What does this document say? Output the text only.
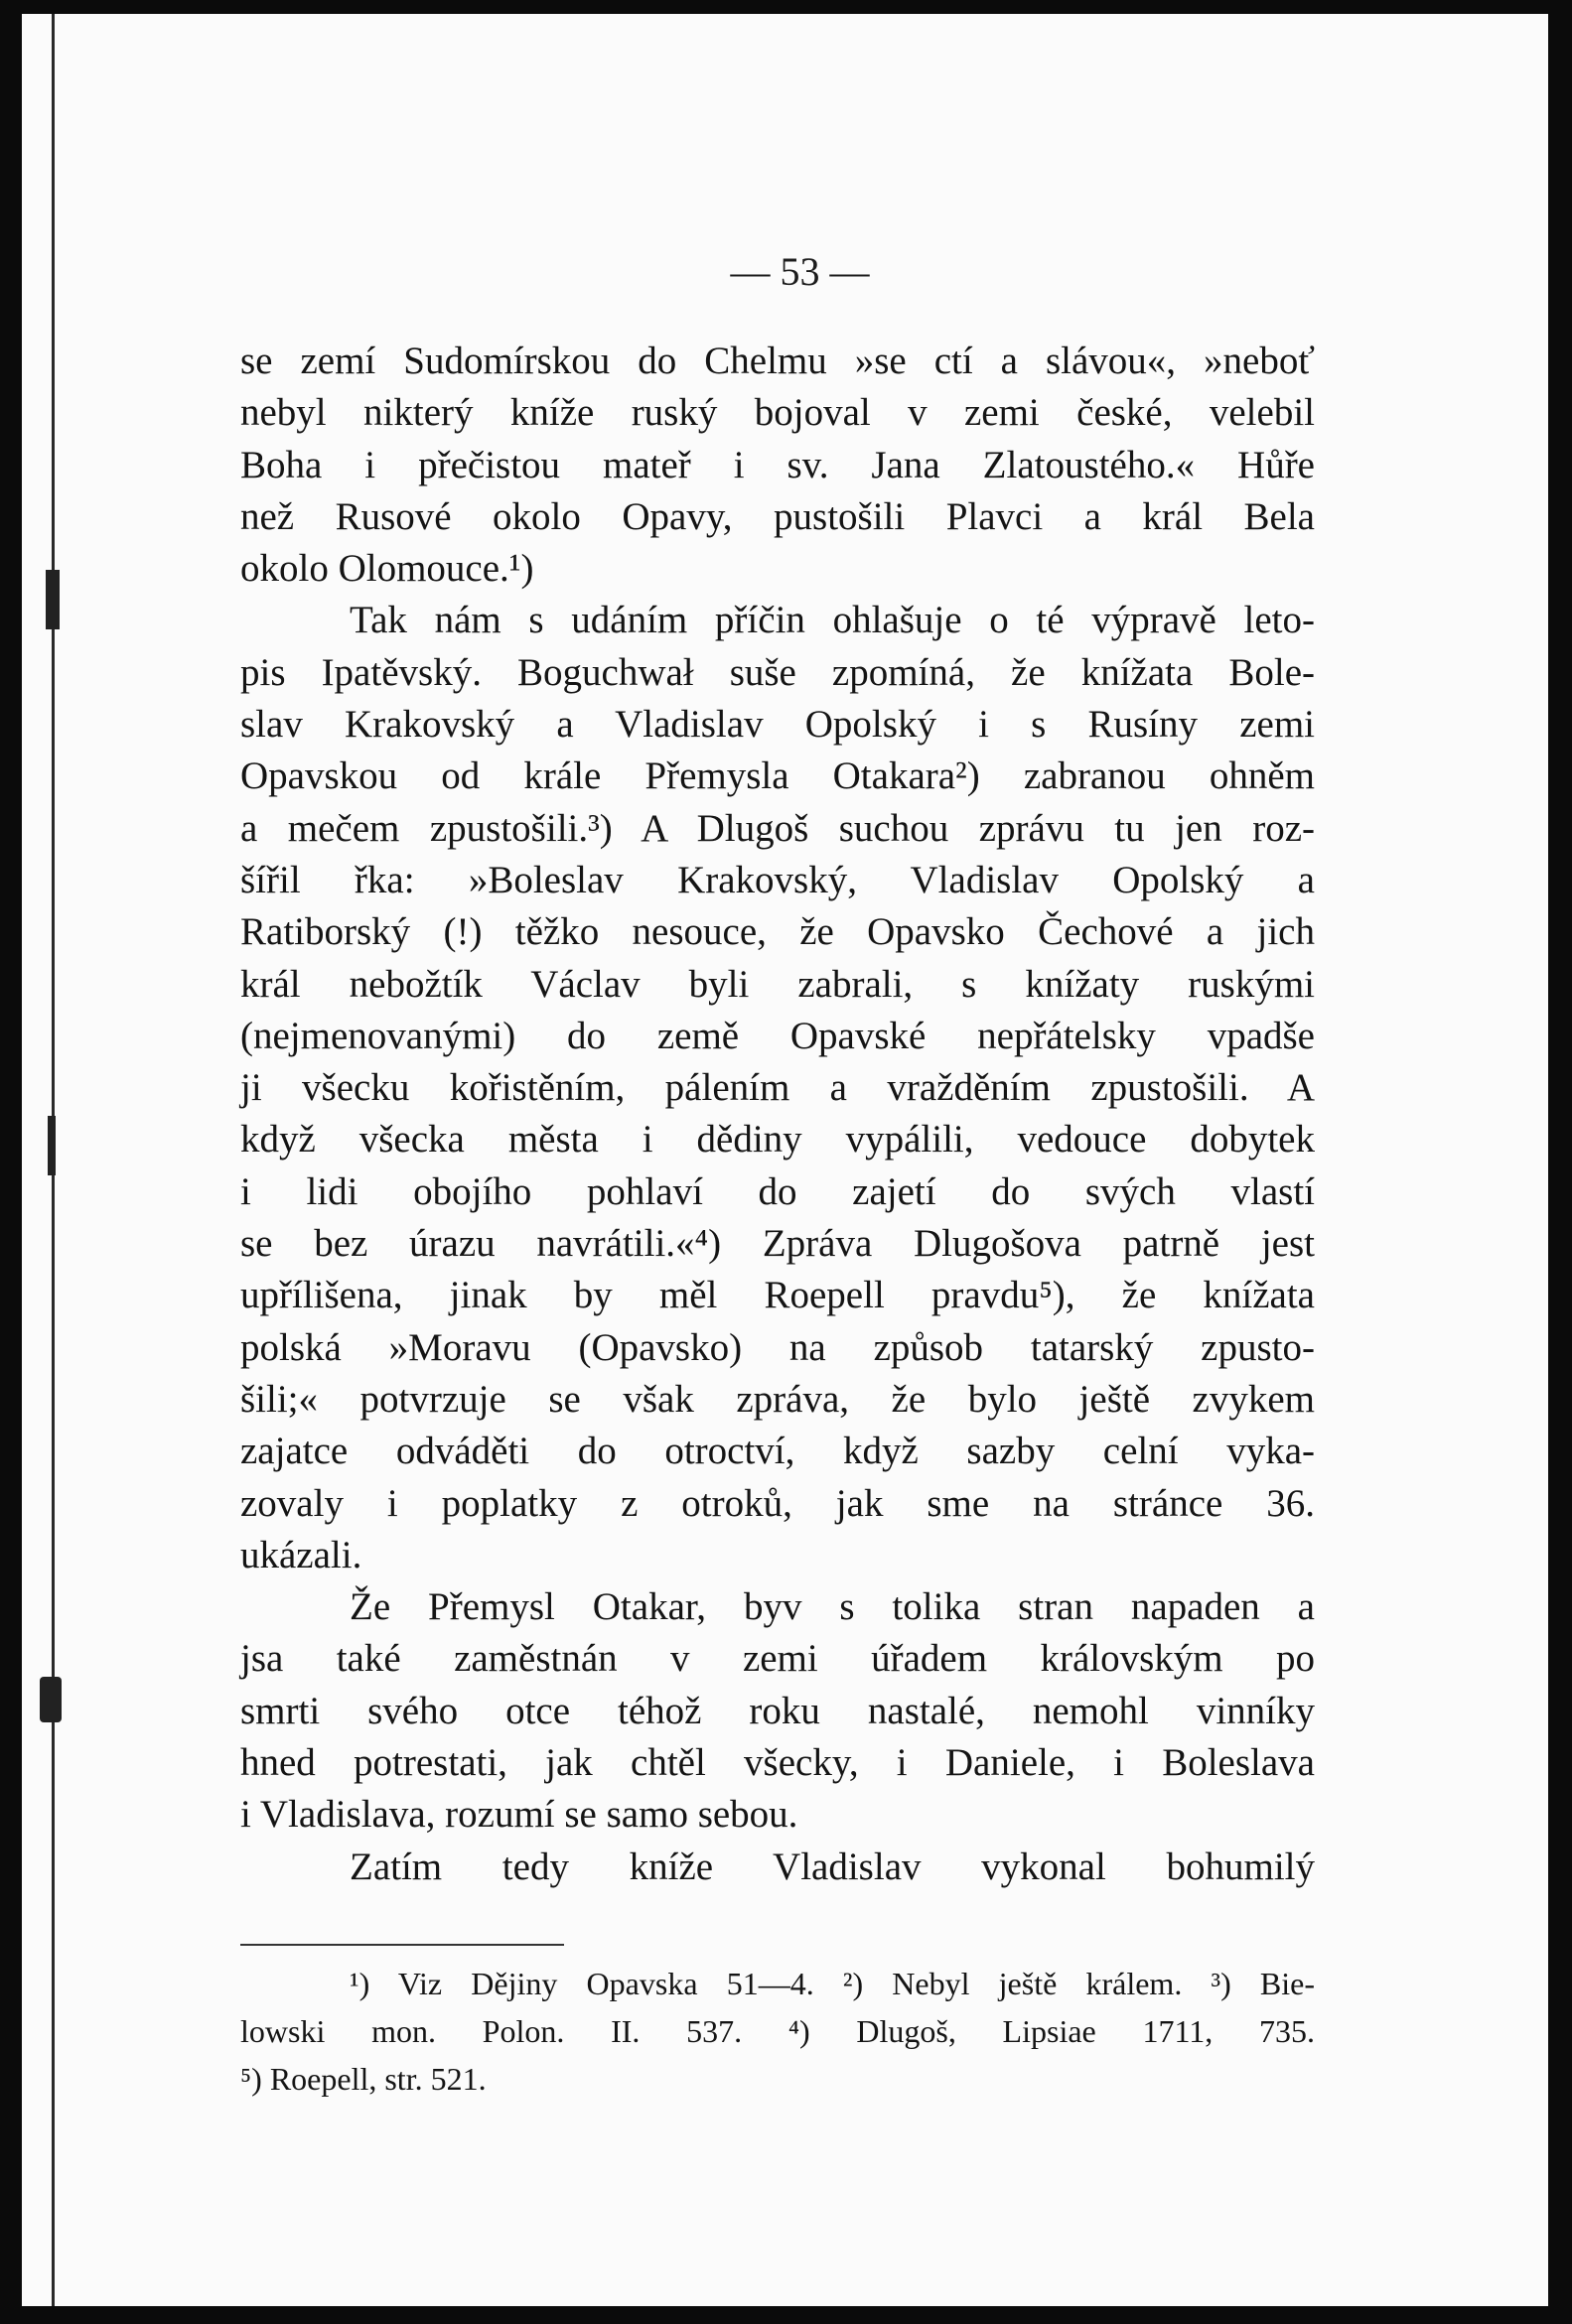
— 53 —
se zemí Sudomírskou do Chelmu »se ctí a slávou«, »neboť
nebyl nikterý kníže ruský bojoval v zemi české, velebil
Boha i přečistou mateř i sv. Jana Zlatoustého.« Hůře
než Rusové okolo Opavy, pustošili Plavci a král Bela
okolo Olomouce.¹)
Tak nám s udáním příčin ohlašuje o té výpravě leto-
pis Ipatěvský. Boguchwał suše zpomíná, že knížata Bole-
slav Krakovský a Vladislav Opolský i s Rusíny zemi
Opavskou od krále Přemysla Otakara²) zabranou ohněm
a mečem zpustošili.³) A Dlugoš suchou zprávu tu jen roz-
šířil řka: »Boleslav Krakovský, Vladislav Opolský a
Ratiborský (!) těžko nesouce, že Opavsko Čechové a jich
král nebožtík Václav byli zabrali, s knížaty ruskými
(nejmenovanými) do země Opavské nepřátelsky vpadše
ji všecku kořistěním, pálením a vražděním zpustošili. A
když všecka města i dědiny vypálili, vedouce dobytek
i lidi obojího pohlaví do zajetí do svých vlastí
se bez úrazu navrátili.«⁴) Zpráva Dlugošova patrně jest
upřílišena, jinak by měl Roepell pravdu⁵), že knížata
polská »Moravu (Opavsko) na způsob tatarský zpusto-
šili;« potvrzuje se však zpráva, že bylo ještě zvykem
zajatce odváděti do otroctví, když sazby celní vyka-
zovaly i poplatky z otroků, jak sme na stránce 36.
ukázali.
Že Přemysl Otakar, byv s tolika stran napaden a
jsa také zaměstnán v zemi úřadem královským po
smrti svého otce téhož roku nastalé, nemohl vinníky
hned potrestati, jak chtěl všecky, i Daniele, i Boleslava
i Vladislava, rozumí se samo sebou.
Zatím tedy kníže Vladislav vykonal bohumilý
¹) Viz Dějiny Opavska 51—4. ²) Nebyl ještě králem. ³) Bie-
lowski mon. Polon. II. 537. ⁴) Dlugoš, Lipsiae 1711, 735.
⁵) Roepell, str. 521.
